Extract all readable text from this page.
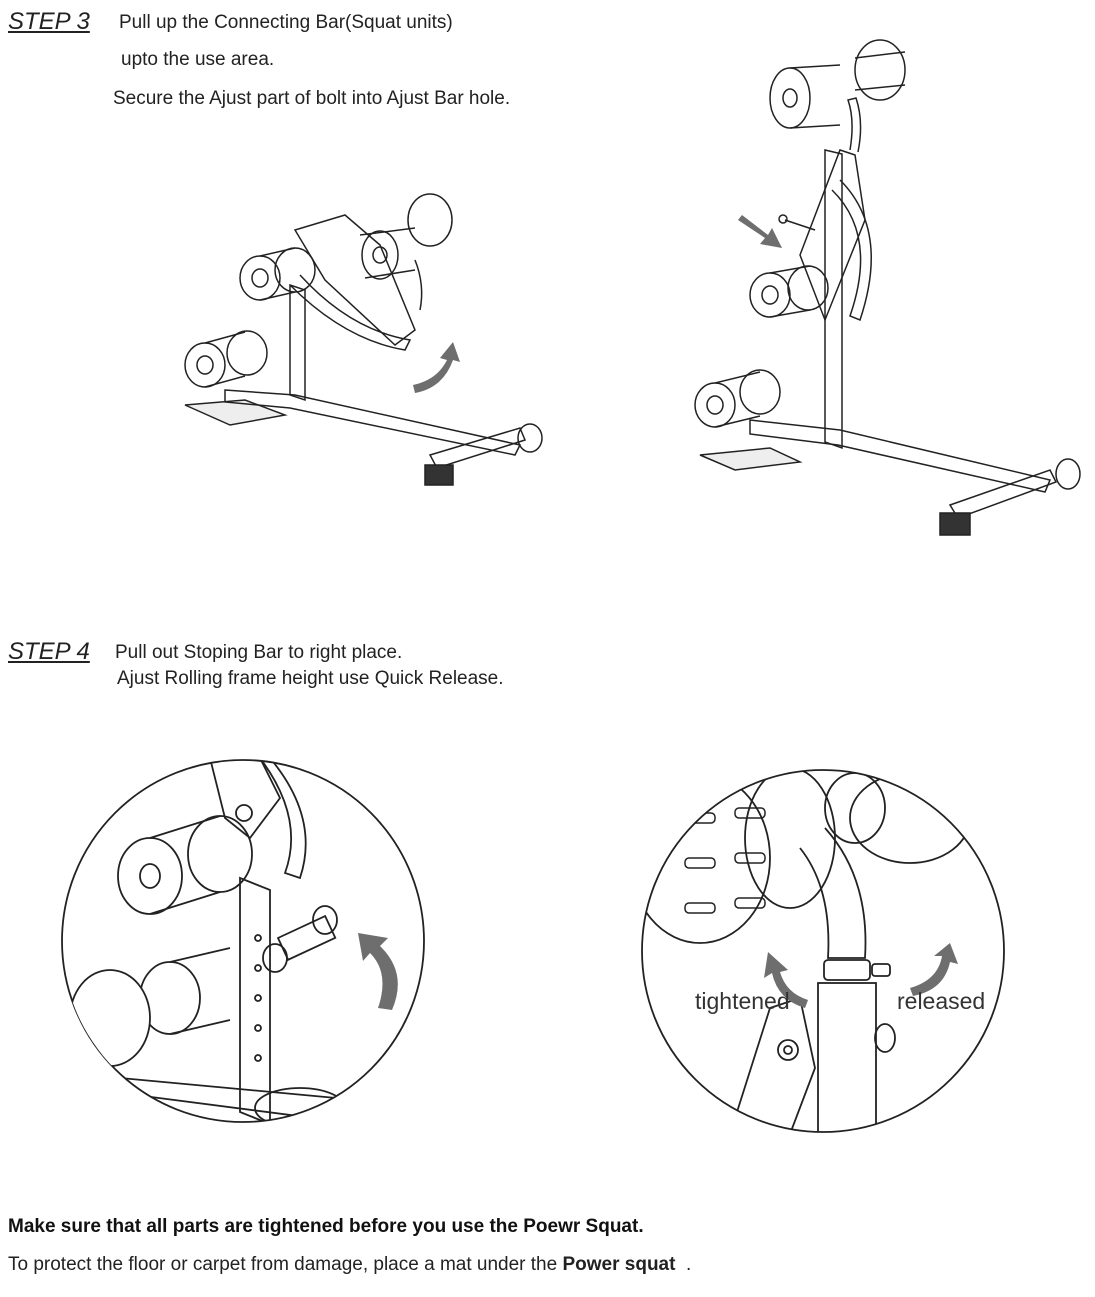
STEP 3 Pull up the Connecting Bar(Squat units)
upto the use area.
Secure the Ajust part of bolt into Ajust Bar hole.
STEP 4 Pull out Stoping Bar to right place.
Ajust Rolling frame height use Quick Release.
tightened	released
Make sure that all parts are tightened before you use the Poewr Squat.
To protect the floor or carpet from damage, place a mat under the Power squat  .
